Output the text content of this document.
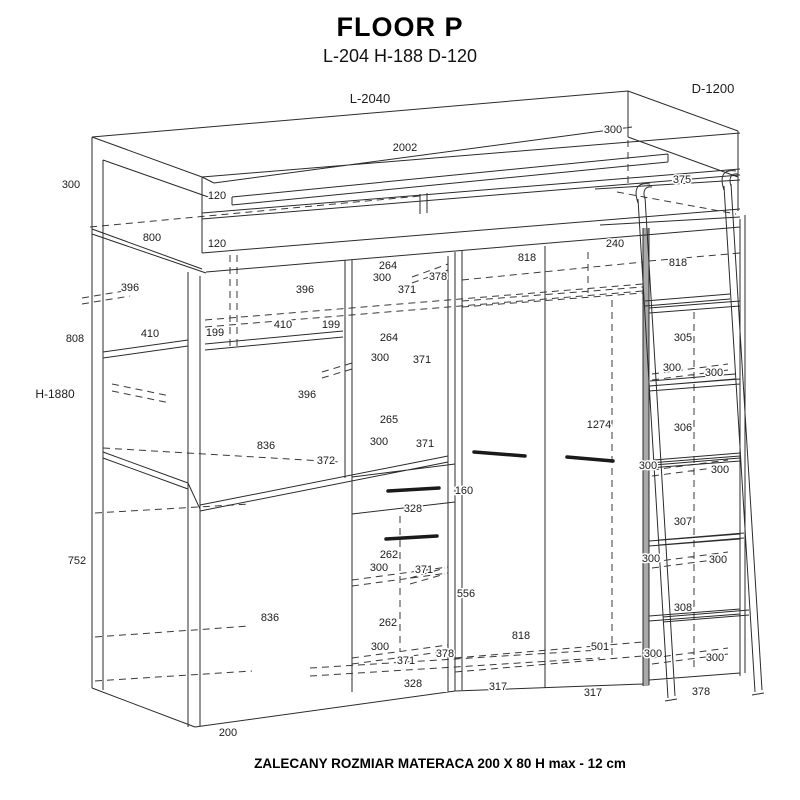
FLOOR P
L-204 H-188 D-120
L-2040
D-1200
2002
300
375
300
120
800	120	240
818	818
264
300	378
371
396	396
410	199
410	199
808	264	305
300 371
300 300
H-1880	396
265	1274	306
300	371
836
372	300	300
160
328
307
262
752	300	300
300 371
556
308
836	262
818
501
300
300	300
378
371
328	317	317	378
200
ZALECANY ROZMIAR MATERACA 200 X 80 H max - 12 cm
